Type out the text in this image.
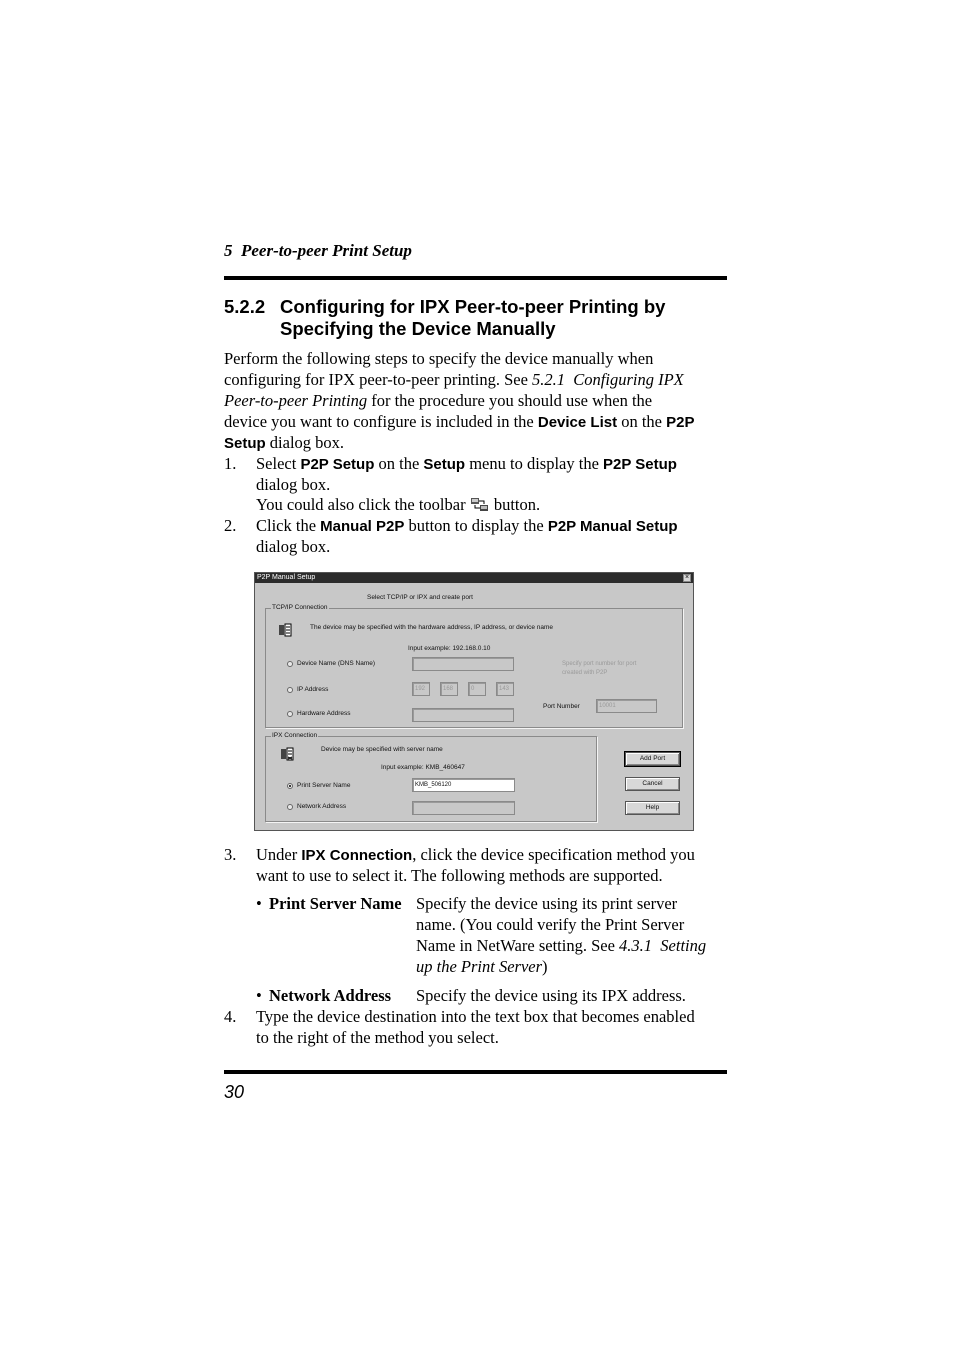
5  Peer-to-peer Print Setup
5.2.2 Configuring for IPX Peer-to-peer Printing by
Specifying the Device Manually
Perform the following steps to specify the device manually when
configuring for IPX peer-to-peer printing. See 5.2.1  Configuring IPX
Peer-to-peer Printing for the procedure you should use when the
device you want to configure is included in the Device List on the P2P
Setup dialog box.
1. Select P2P Setup on the Setup menu to display the P2P Setup
dialog box.
You could also click the toolbar  button.
2. Click the Manual P2P button to display the P2P Manual Setup
dialog box.
P2P Manual Setup	×
Select TCP/IP or IPX and create port
TCP/IP Connection
The device may be specified with the hardware address, IP address, or device name
Input example: 192.168.0.10
Device Name (DNS Name)	Specify port number for port
created with P2P
IP Address	192	168	0	143
Port Number	10001
Hardware Address
IPX Connection
Device may be specified with server name
Input example: KMB_460647
Print Server Name	KMB_506120
Network Address
Add Port
Cancel
Help
3. Under IPX Connection, click the device specification method you
want to use to select it. The following methods are supported.
• Print Server Name Specify the device using its print server
name. (You could verify the Print Server
Name in NetWare setting. See 4.3.1  Setting
up the Print Server)
• Network Address Specify the device using its IPX address.
4. Type the device destination into the text box that becomes enabled
to the right of the method you select.
30
